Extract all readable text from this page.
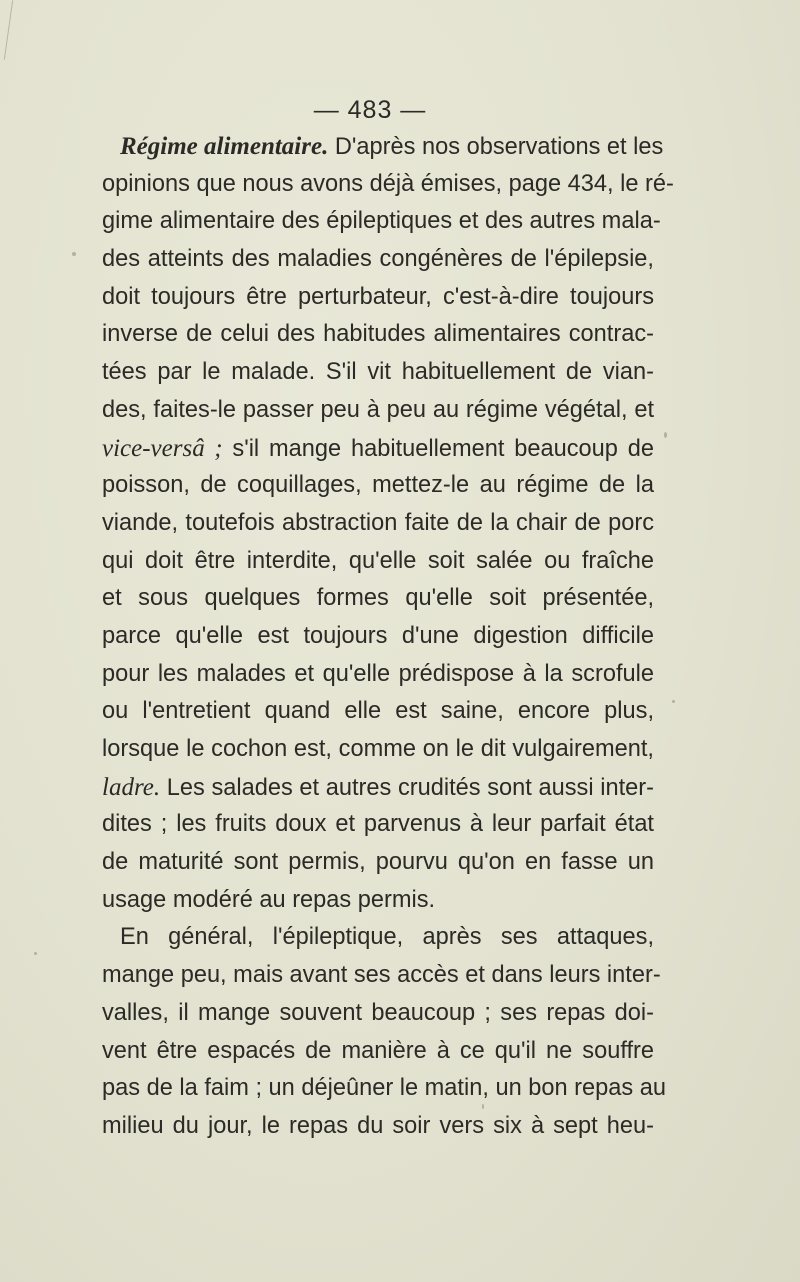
— 483 —
Régime alimentaire. D'après nos observations et les
opinions que nous avons déjà émises, page 434, le ré-
gime alimentaire des épileptiques et des autres mala-
des atteints des maladies congénères de l'épilepsie,
doit toujours être perturbateur, c'est-à-dire toujours
inverse de celui des habitudes alimentaires contrac-
tées par le malade. S'il vit habituellement de vian-
des, faites-le passer peu à peu au régime végétal, et
vice-versâ ; s'il mange habituellement beaucoup de
poisson, de coquillages, mettez-le au régime de la
viande, toutefois abstraction faite de la chair de porc
qui doit être interdite, qu'elle soit salée ou fraîche
et sous quelques formes qu'elle soit présentée,
parce qu'elle est toujours d'une digestion difficile
pour les malades et qu'elle prédispose à la scrofule
ou l'entretient quand elle est saine, encore plus,
lorsque le cochon est, comme on le dit vulgairement,
ladre. Les salades et autres crudités sont aussi inter-
dites ; les fruits doux et parvenus à leur parfait état
de maturité sont permis, pourvu qu'on en fasse un
usage modéré au repas permis.
En général, l'épileptique, après ses attaques,
mange peu, mais avant ses accès et dans leurs inter-
valles, il mange souvent beaucoup ; ses repas doi-
vent être espacés de manière à ce qu'il ne souffre
pas de la faim ; un déjeûner le matin, un bon repas au
milieu du jour, le repas du soir vers six à sept heu-
